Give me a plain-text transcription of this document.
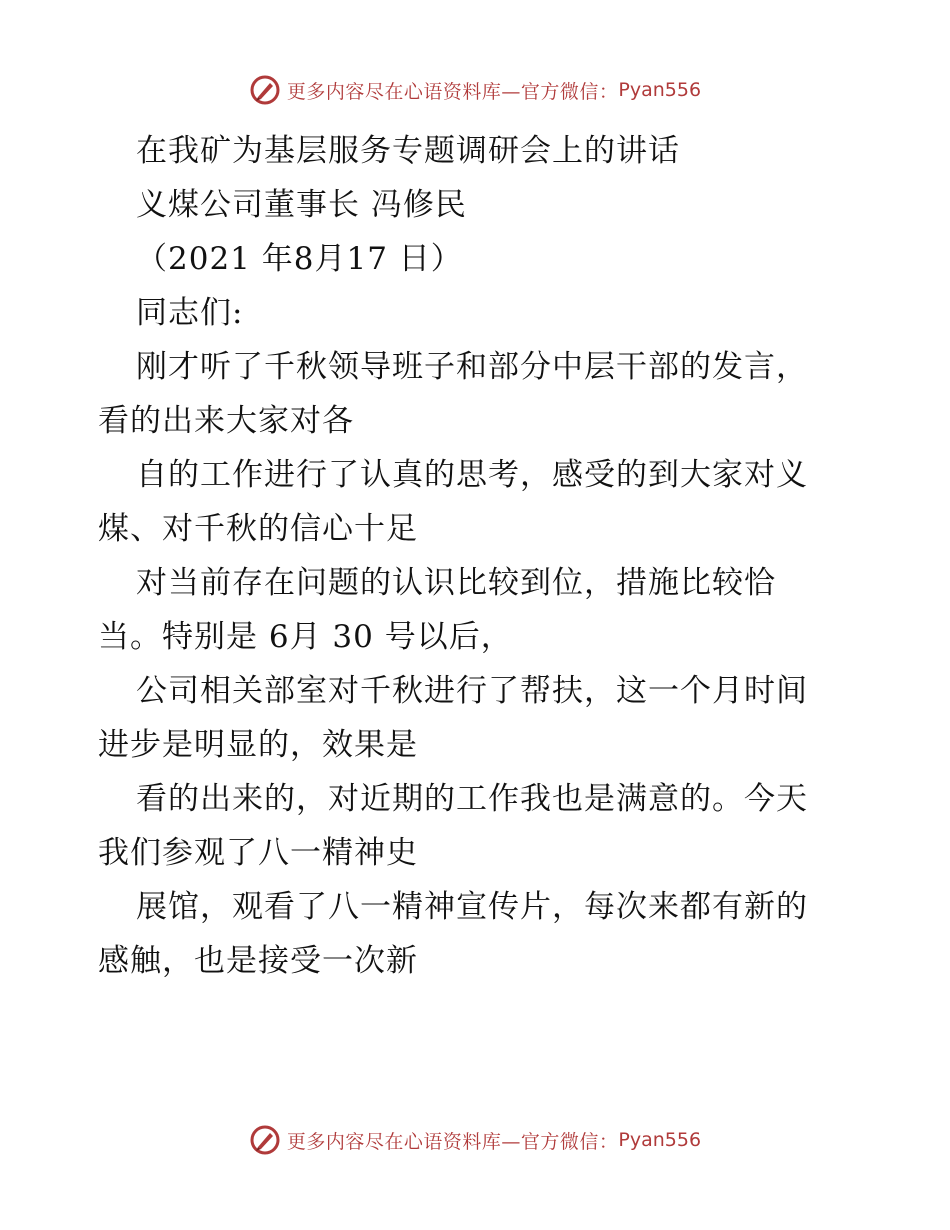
更多内容尽在心语资料库—官方微信： Pyan556
在我矿为基层服务专题调研会上的讲话
义煤公司董事长 冯修民
（2021 年8月17 日）
同志们:
刚才听了千秋领导班子和部分中层干部的发言，
看的出来大家对各
自的工作进行了认真的思考，感受的到大家对义
煤、对千秋的信心十足
对当前存在问题的认识比较到位，措施比较恰
当。特别是 6月 30 号以后，
公司相关部室对千秋进行了帮扶，这一个月时间
进步是明显的，效果是
看的出来的，对近期的工作我也是满意的。今天
我们参观了八一精神史
展馆，观看了八一精神宣传片，每次来都有新的
感触，也是接受一次新
更多内容尽在心语资料库—官方微信： Pyan556
